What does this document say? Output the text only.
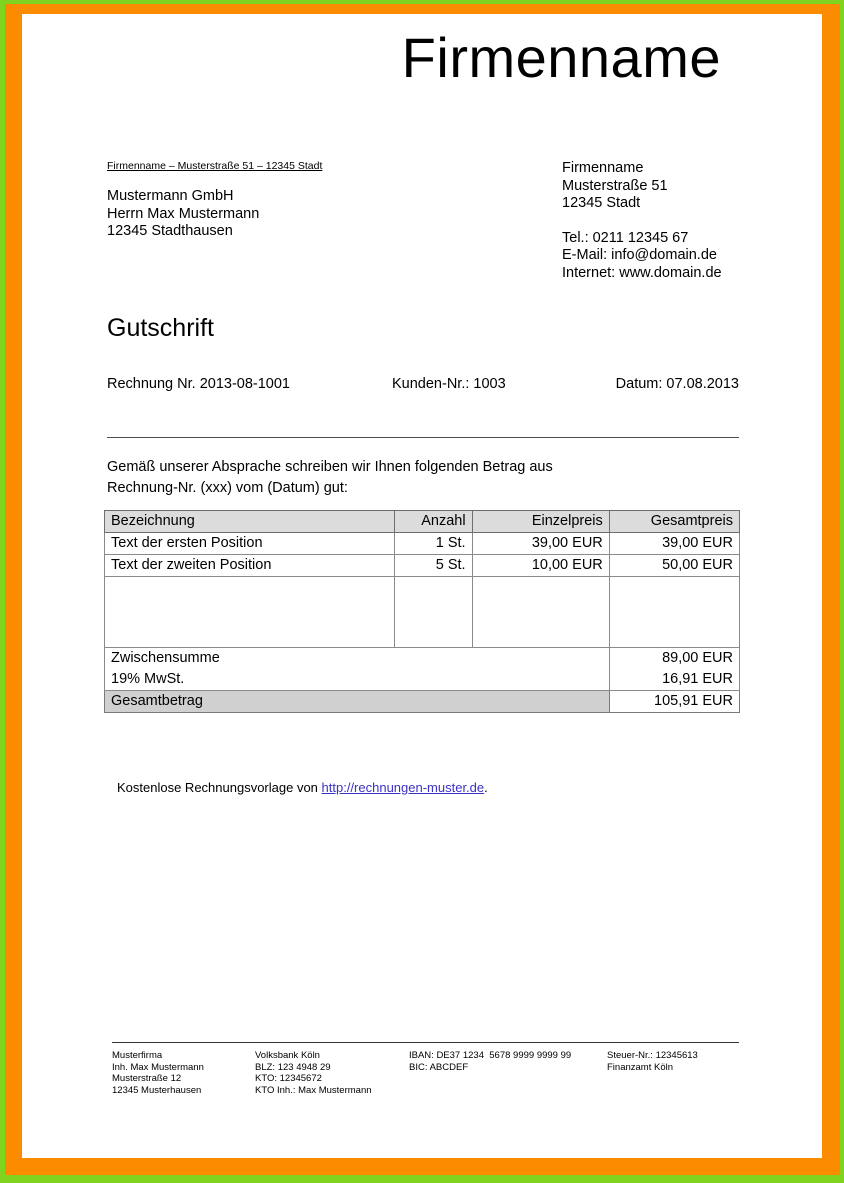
Firmenname
Firmenname – Musterstraße 51 – 12345 Stadt
Mustermann GmbH
Herrn Max Mustermann
12345 Stadthausen
Firmenname
Musterstraße 51
12345 Stadt
Tel.: 0211 12345 67
E-Mail: info@domain.de
Internet: www.domain.de
Gutschrift
Rechnung Nr. 2013-08-1001	Kunden-Nr.: 1003	Datum: 07.08.2013
Gemäß unserer Absprache schreiben wir Ihnen folgenden Betrag aus
Rechnung-Nr. (xxx) vom (Datum) gut:
Bezeichnung	Anzahl	Einzelpreis	Gesamtpreis
Text der ersten Position	1 St.	39,00 EUR	39,00 EUR
Text der zweiten Position	5 St.	10,00 EUR	50,00 EUR

Zwischensumme			89,00 EUR
19% MwSt.			16,91 EUR
Gesamtbetrag			105,91 EUR
Kostenlose Rechnungsvorlage von http://rechnungen-muster.de.
Musterfirma
Inh. Max Mustermann
Musterstraße 12
12345 Musterhausen
Volksbank Köln
BLZ: 123 4948 29
KTO: 12345672
KTO Inh.: Max Mustermann
IBAN: DE37 1234  5678 9999 9999 99
BIC: ABCDEF
Steuer-Nr.: 12345613
Finanzamt Köln
